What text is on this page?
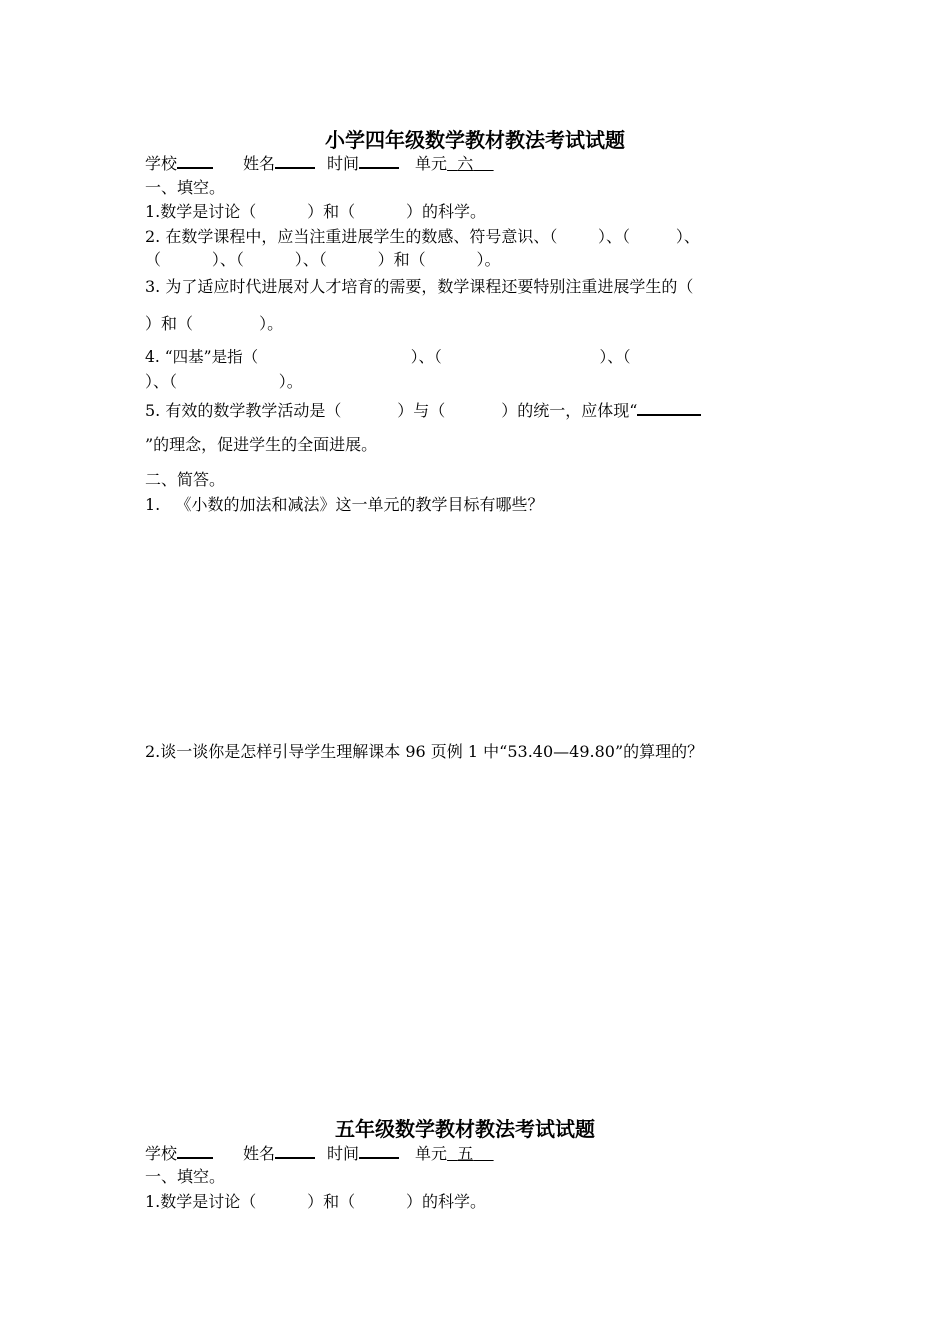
小学四年级数学教材教法考试试题
学校	姓名	时间	单元 六
一、填空。
1.数学是讨论（          ）和（          ）的科学。
2. 在数学课程中，应当注重进展学生的数感、符号意识、（        ）、（         ）、
（          ）、（          ）、（          ）和（          ）。
3. 为了适应时代进展对人才培育的需要，数学课程还要特别注重进展学生的（
）和（             ）。
4. “四基”是指（                               ）、（                                ）、（
）、（                    ）。
5. 有效的数学教学活动是（           ）与（           ）的统一，应体现“
”的理念，促进学生的全面进展。
二、简答。
1.   《小数的加法和减法》这一单元的教学目标有哪些？
2.谈一谈你是怎样引导学生理解课本 96 页例 1 中“53.40—49.80”的算理的？
五年级数学教材教法考试试题
学校	姓名	时间	单元 五
一、填空。
1.数学是讨论（          ）和（          ）的科学。
